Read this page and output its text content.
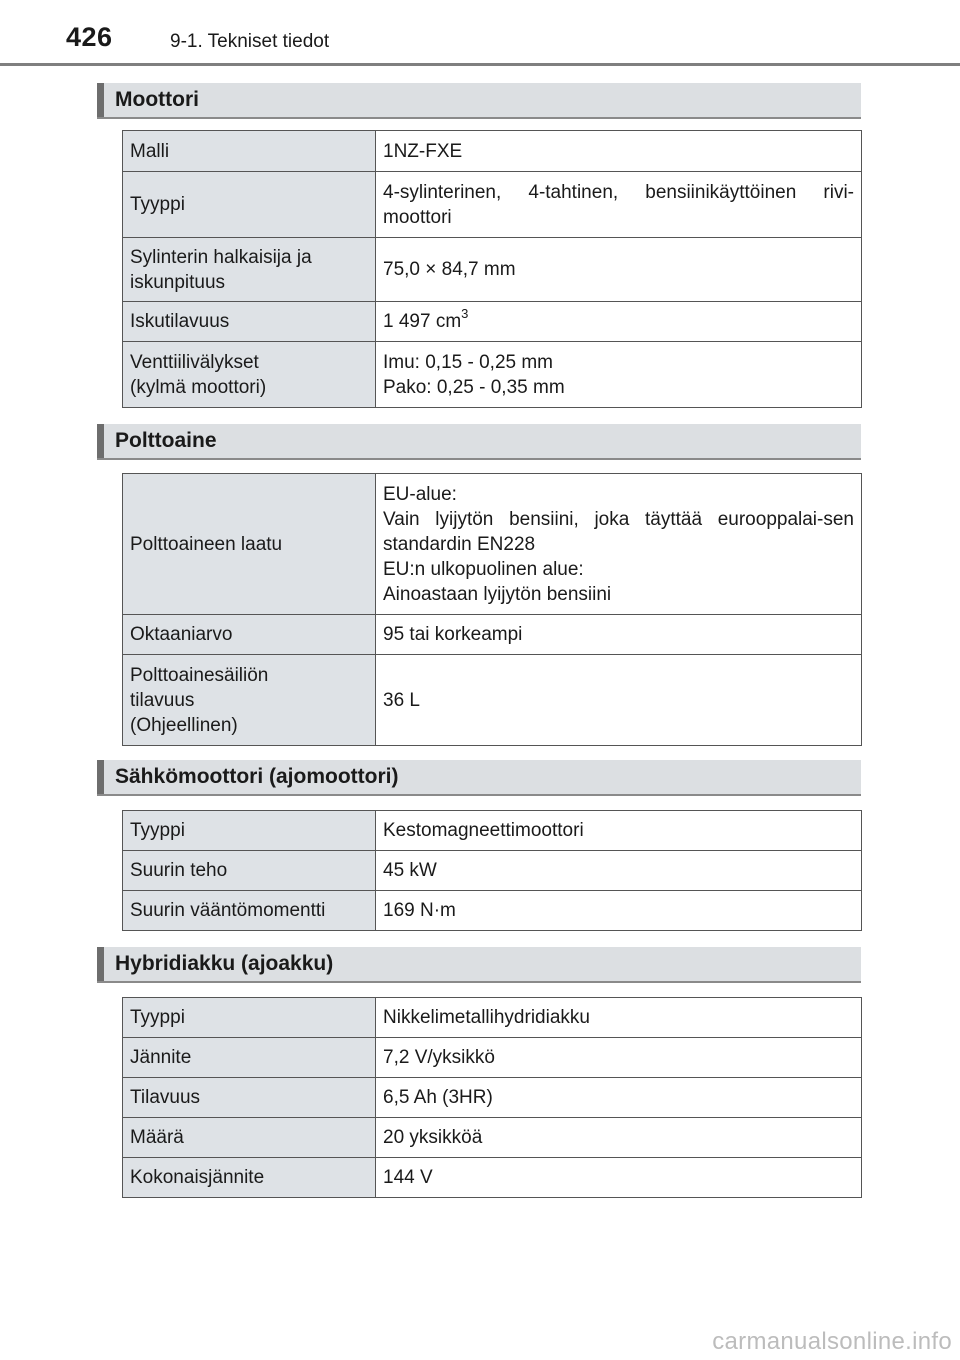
426	9-1. Tekniset tiedot
Moottori
Malli	1NZ-FXE
Tyyppi	4-sylinterinen, 4-tahtinen, bensiinikäyttöinen rivi-moottori
Sylinterin halkaisija ja
iskunpituus	75,0 × 84,7 mm
Iskutilavuus	1 497 $cm^3$
Venttiilivälykset
(kylmä moottori)	Imu: 0,15 - 0,25 mm
Pako: 0,25 - 0,35 mm
Polttoaine
Polttoaineen laatu	EU-alue:
Vain lyijytön bensiini, joka täyttää eurooppalai-sen standardin EN228
EU:n ulkopuolinen alue:
Ainoastaan lyijytön bensiini

Oktaaniarvo	95 tai korkeampi
Polttoainesäiliön
tilavuus
(Ohjeellinen)	36 L
Sähkömoottori (ajomoottori)
Tyyppi	Kestomagneettimoottori
Suurin teho	45 kW
Suurin vääntömomentti	169 N·m
Hybridiakku (ajoakku)
Tyyppi	Nikkelimetallihydridiakku
Jännite	7,2 V/yksikkö
Tilavuus	6,5 Ah (3HR)
Määrä	20 yksikköä
Kokonaisjännite	144 V
carmanualsonline.info
